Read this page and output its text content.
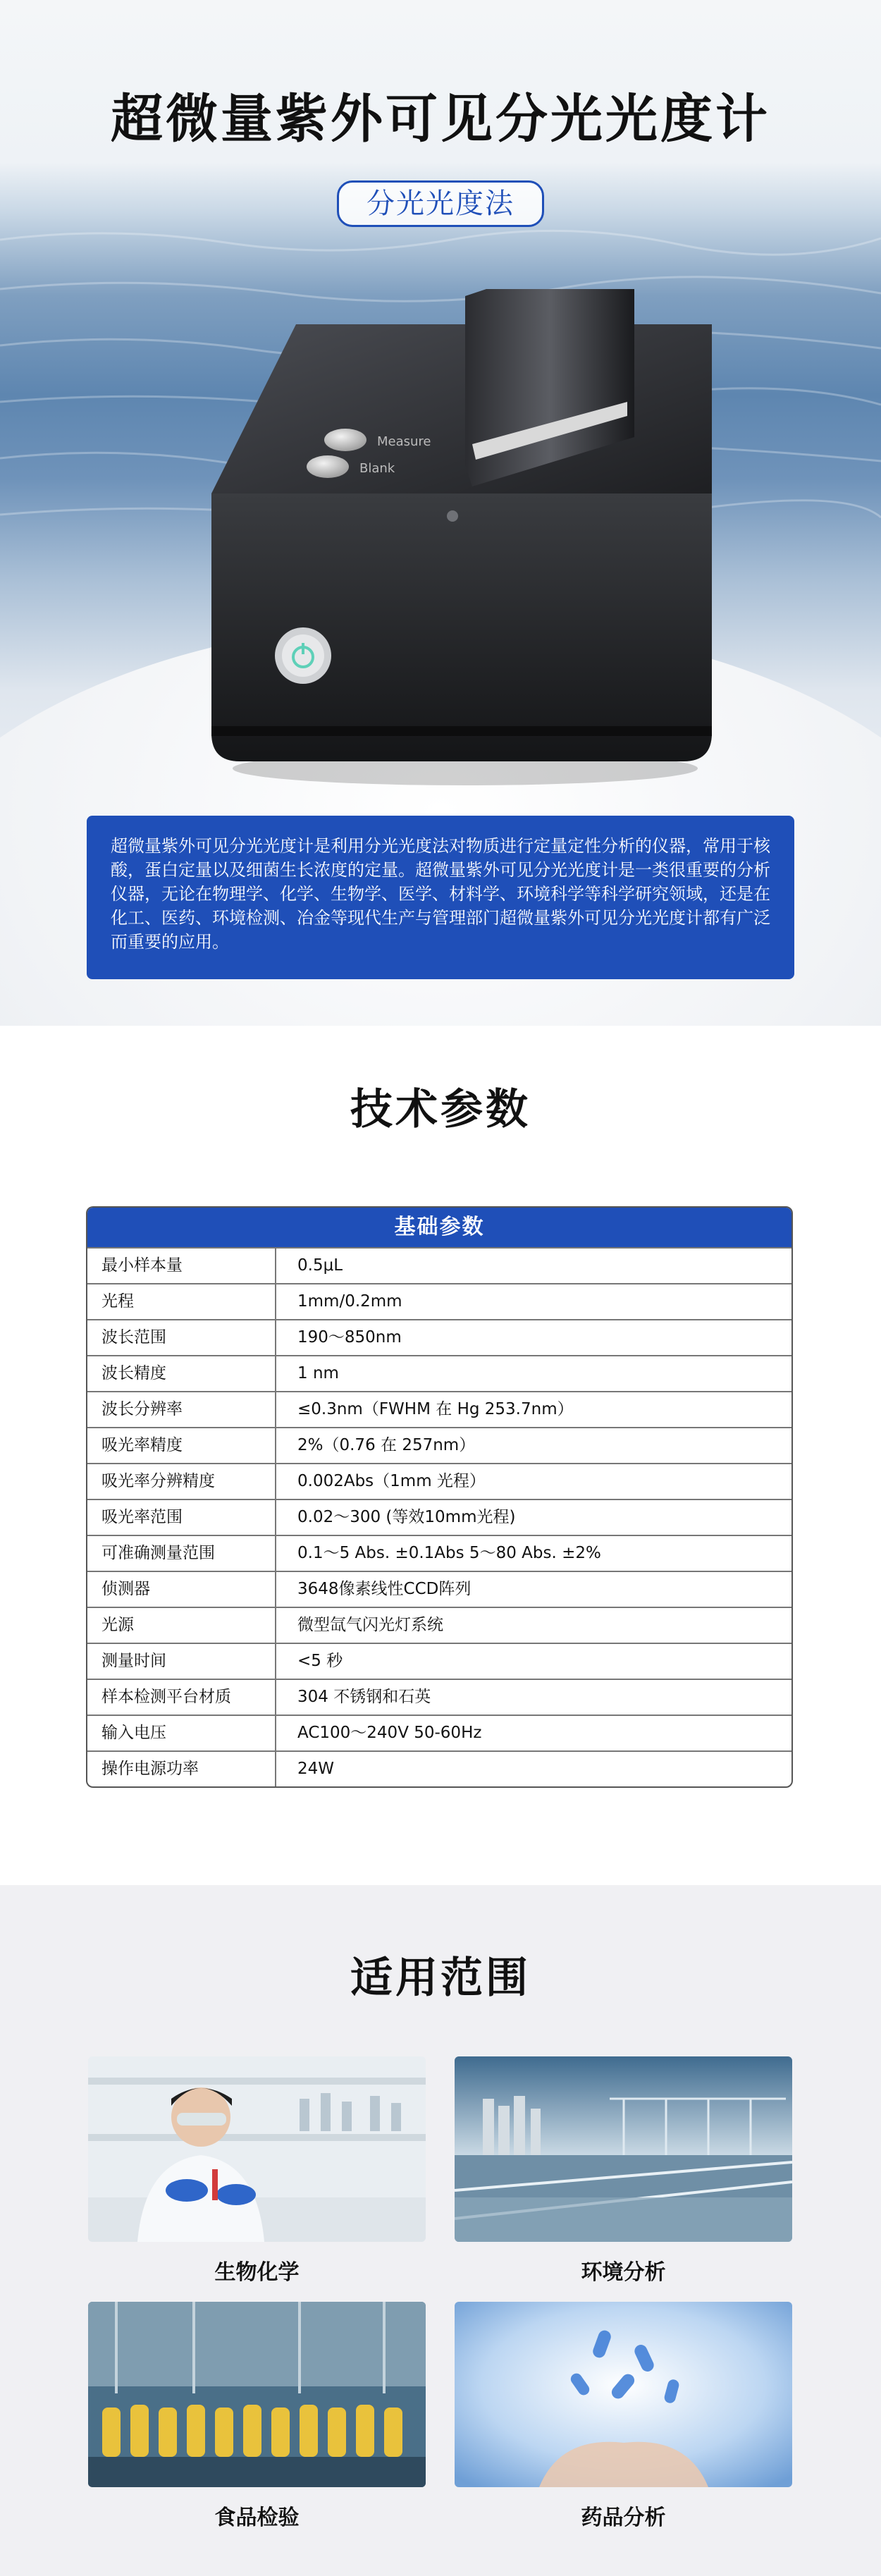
超微量紫外可见分光光度计
分光光度法
Measure
Blank
超微量紫外可见分光光度计是利用分光光度法对物质进行定量定性分析的仪器，常用于核酸，蛋白定量以及细菌生长浓度的定量。超微量紫外可见分光光度计是一类很重要的分析仪器，无论在物理学、化学、生物学、医学、材料学、环境科学等科学研究领域，还是在化工、医药、环境检测、冶金等现代生产与管理部门超微量紫外可见分光光度计都有广泛而重要的应用。
技术参数
基础参数
最小样本量	0.5μL
光程	1mm/0.2mm
波长范围	190～850nm
波长精度	1 nm
波长分辨率	≤0.3nm（FWHM 在 Hg 253.7nm）
吸光率精度	2%（0.76 在 257nm）
吸光率分辨精度	0.002Abs（1mm 光程）
吸光率范围	0.02～300 (等效10mm光程)
可准确测量范围	0.1～5 Abs. ±0.1Abs 5～80 Abs. ±2%
侦测器	3648像素线性CCD阵列
光源	微型氙气闪光灯系统
测量时间	<5 秒
样本检测平台材质	304 不锈钢和石英
输入电压	AC100～240V 50-60Hz
操作电源功率	24W
适用范围
生物化学	环境分析
食品检验	药品分析
